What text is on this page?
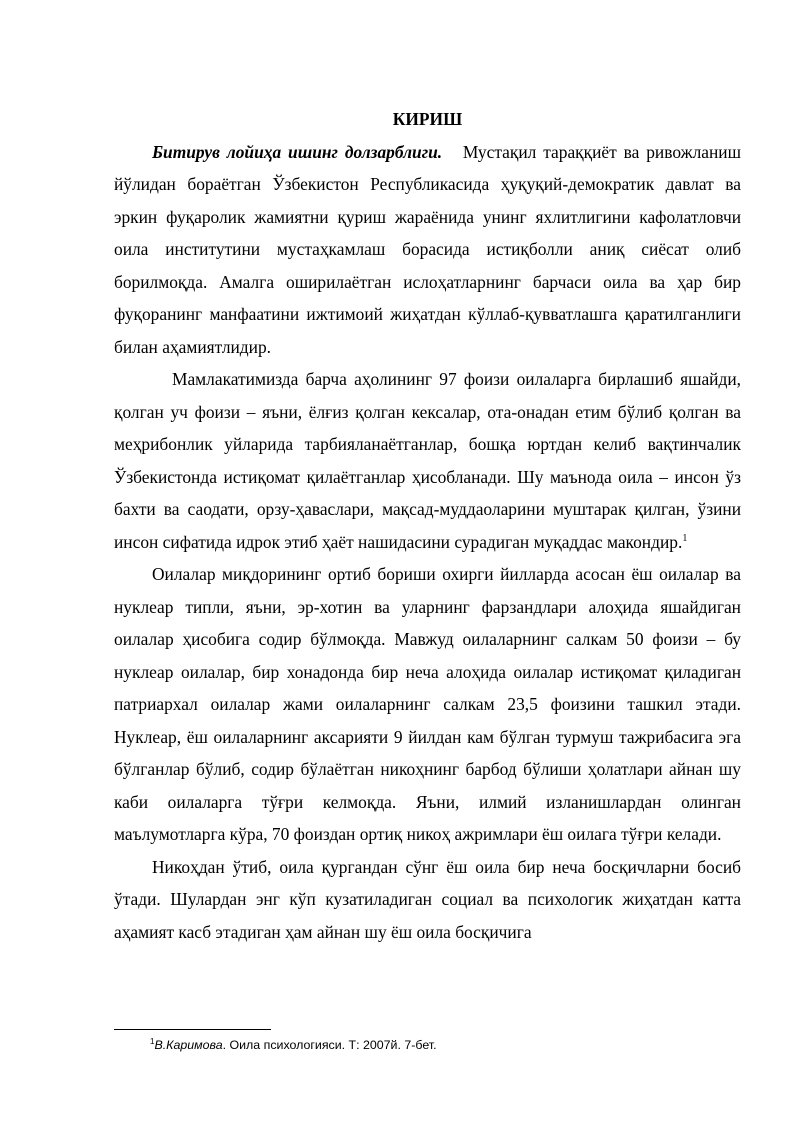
КИРИШ

Битирув лойиҳа ишинг долзарблиги. Мустақил тараққиёт ва ривожланиш йўлидан бораётган Ўзбекистон Республикасида ҳуқуқий-демократик давлат ва эркин фуқаролик жамиятни қуриш жараёнида унинг яхлитлигини кафолатловчи оила институтини мустаҳкамлаш борасида истиқболли аниқ сиёсат олиб борилмоқда. Амалга оширилаётган ислоҳатларнинг барчаси оила ва ҳар бир фуқоранинг манфаатини ижтимоий жиҳатдан кўллаб-қувватлашга қаратилганлиги билан аҳамиятлидир.

Мамлакатимизда барча аҳолининг 97 фоизи оилаларга бирлашиб яшайди, қолган уч фоизи – яъни, ёлғиз қолган кексалар, ота-онадан етим бўлиб қолган ва меҳрибонлик уйларида тарбияланаётганлар, бошқа юртдан келиб вақтинчалик Ўзбекистонда истиқомат қилаётганлар ҳисобланади. Шу маънода оила – инсон ўз бахти ва саодати, орзу-ҳаваслари, мақсад-муддаоларини муштарак қилган, ўзини инсон сифатида идрок этиб ҳаёт нашидасини сурадиган муқаддас макондир.$^1$

Оилалар миқдорининг ортиб бориши охирги йилларда асосан ёш оилалар ва нуклеар типли, яъни, эр-хотин ва уларнинг фарзандлари алоҳида яшайдиган оилалар ҳисобига содир бўлмоқда. Мавжуд оилаларнинг салкам 50 фоизи – бу нуклеар оилалар, бир хонадонда бир неча алоҳида оилалар истиқомат қиладиган патриархал оилалар жами оилаларнинг салкам 23,5 фоизини ташкил этади. Нуклеар, ёш оилаларнинг аксарияти 9 йилдан кам бўлган турмуш тажрибасига эга бўлганлар бўлиб, содир бўлаётган никоҳнинг барбод бўлиши ҳолатлари айнан шу каби оилаларга тўғри келмоқда. Яъни, илмий изланишлардан олинган маълумотларга кўра, 70 фоиздан ортиқ никоҳ ажримлари ёш оилага тўғри келади.

Никоҳдан ўтиб, оила қургандан сўнг ёш оила бир неча босқичларни босиб ўтади. Шулардан энг кўп кузатиладиган социал ва психологик жиҳатдан катта аҳамият касб этадиган ҳам айнан шу ёш оила босқичига

$^1$В.Каримова. Оила психологияси. Т: 2007й. 7-бет.
